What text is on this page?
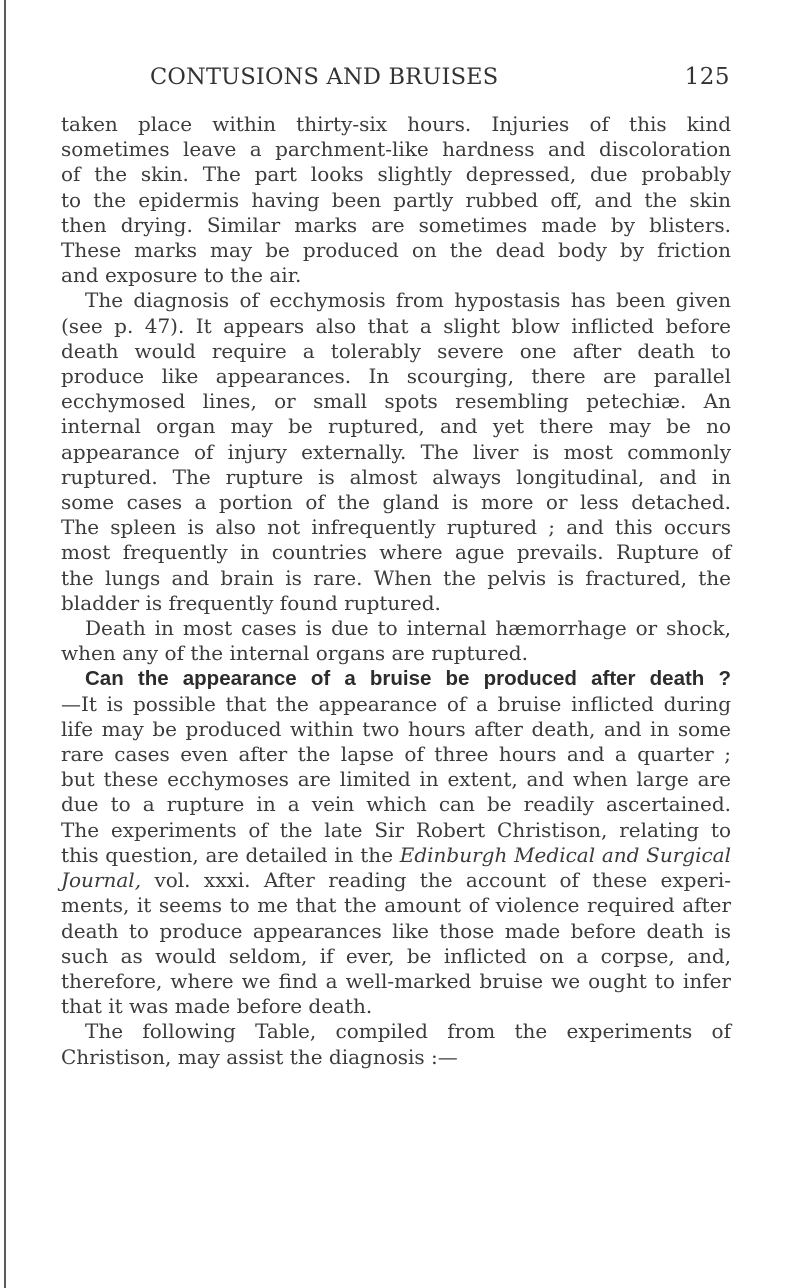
CONTUSIONS AND BRUISES	125
taken place within thirty-six hours. Injuries of this kind
sometimes leave a parchment-like hardness and discoloration
of the skin. The part looks slightly depressed, due probably
to the epidermis having been partly rubbed off, and the skin
then drying. Similar marks are sometimes made by blisters.
These marks may be produced on the dead body by friction
and exposure to the air.
The diagnosis of ecchymosis from hypostasis has been given
(see p. 47). It appears also that a slight blow inflicted before
death would require a tolerably severe one after death to
produce like appearances. In scourging, there are parallel
ecchymosed lines, or small spots resembling petechiæ. An
internal organ may be ruptured, and yet there may be no
appearance of injury externally. The liver is most commonly
ruptured. The rupture is almost always longitudinal, and in
some cases a portion of the gland is more or less detached.
The spleen is also not infrequently ruptured ; and this occurs
most frequently in countries where ague prevails. Rupture of
the lungs and brain is rare. When the pelvis is fractured, the
bladder is frequently found ruptured.
Death in most cases is due to internal hæmorrhage or shock,
when any of the internal organs are ruptured.
Can the appearance of a bruise be produced after death ?
—It is possible that the appearance of a bruise inflicted during
life may be produced within two hours after death, and in some
rare cases even after the lapse of three hours and a quarter ;
but these ecchymoses are limited in extent, and when large are
due to a rupture in a vein which can be readily ascertained.
The experiments of the late Sir Robert Christison, relating to
this question, are detailed in the Edinburgh Medical and Surgical
Journal, vol. xxxi. After reading the account of these experi-
ments, it seems to me that the amount of violence required after
death to produce appearances like those made before death is
such as would seldom, if ever, be inflicted on a corpse, and,
therefore, where we find a well-marked bruise we ought to infer
that it was made before death.
The following Table, compiled from the experiments of
Christison, may assist the diagnosis :—
